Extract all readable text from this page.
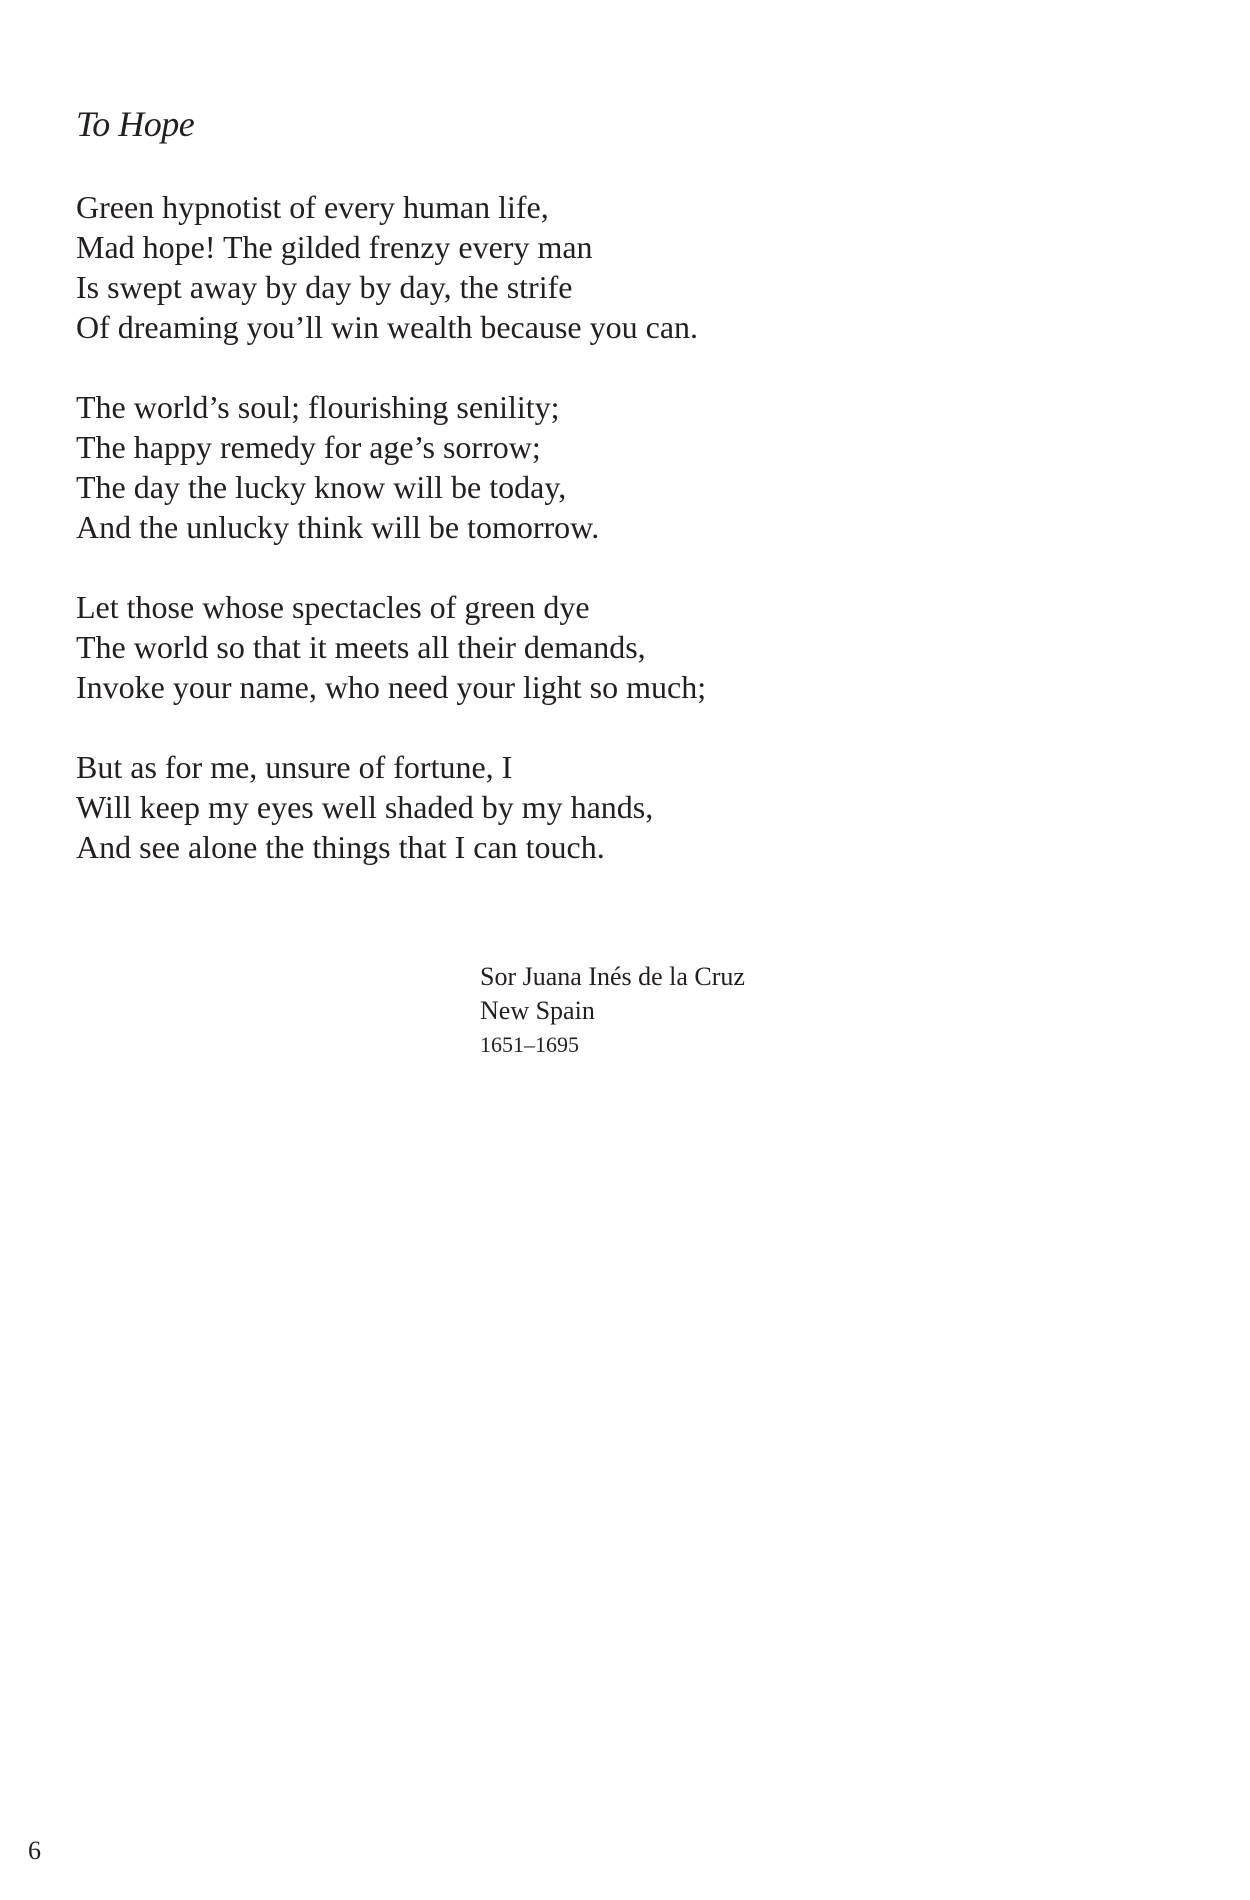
To Hope
Green hypnotist of every human life,
Mad hope! The gilded frenzy every man
Is swept away by day by day, the strife
Of dreaming you’ll win wealth because you can.
The world’s soul; flourishing senility;
The happy remedy for age’s sorrow;
The day the lucky know will be today,
And the unlucky think will be tomorrow.
Let those whose spectacles of green dye
The world so that it meets all their demands,
Invoke your name, who need your light so much;
But as for me, unsure of fortune, I
Will keep my eyes well shaded by my hands,
And see alone the things that I can touch.
Sor Juana Inés de la Cruz
New Spain
1651–1695
6
